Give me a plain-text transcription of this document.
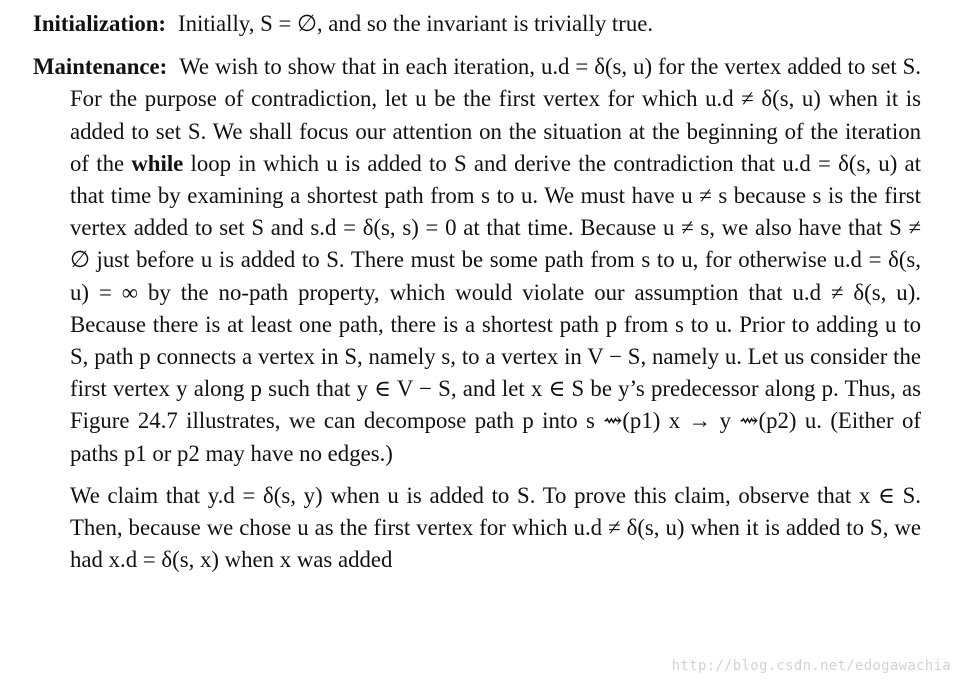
Initialization: Initially, S = ∅, and so the invariant is trivially true.

Maintenance: We wish to show that in each iteration, u.d = δ(s, u) for the vertex added to set S. For the purpose of contradiction, let u be the first vertex for which u.d ≠ δ(s, u) when it is added to set S. We shall focus our attention on the situation at the beginning of the iteration of the while loop in which u is added to S and derive the contradiction that u.d = δ(s, u) at that time by examining a shortest path from s to u. We must have u ≠ s because s is the first vertex added to set S and s.d = δ(s, s) = 0 at that time. Because u ≠ s, we also have that S ≠ ∅ just before u is added to S. There must be some path from s to u, for otherwise u.d = δ(s, u) = ∞ by the no-path property, which would violate our assumption that u.d ≠ δ(s, u). Because there is at least one path, there is a shortest path p from s to u. Prior to adding u to S, path p connects a vertex in S, namely s, to a vertex in V − S, namely u. Let us consider the first vertex y along p such that y ∈ V − S, and let x ∈ S be y’s predecessor along p. Thus, as Figure 24.7 illustrates, we can decompose path p into s ⇝(p1) x → y ⇝(p2) u. (Either of paths p1 or p2 may have no edges.)

We claim that y.d = δ(s, y) when u is added to S. To prove this claim, observe that x ∈ S. Then, because we chose u as the first vertex for which u.d ≠ δ(s, u) when it is added to S, we had x.d = δ(s, x) when x was added

http://blog.csdn.net/edogawachia
